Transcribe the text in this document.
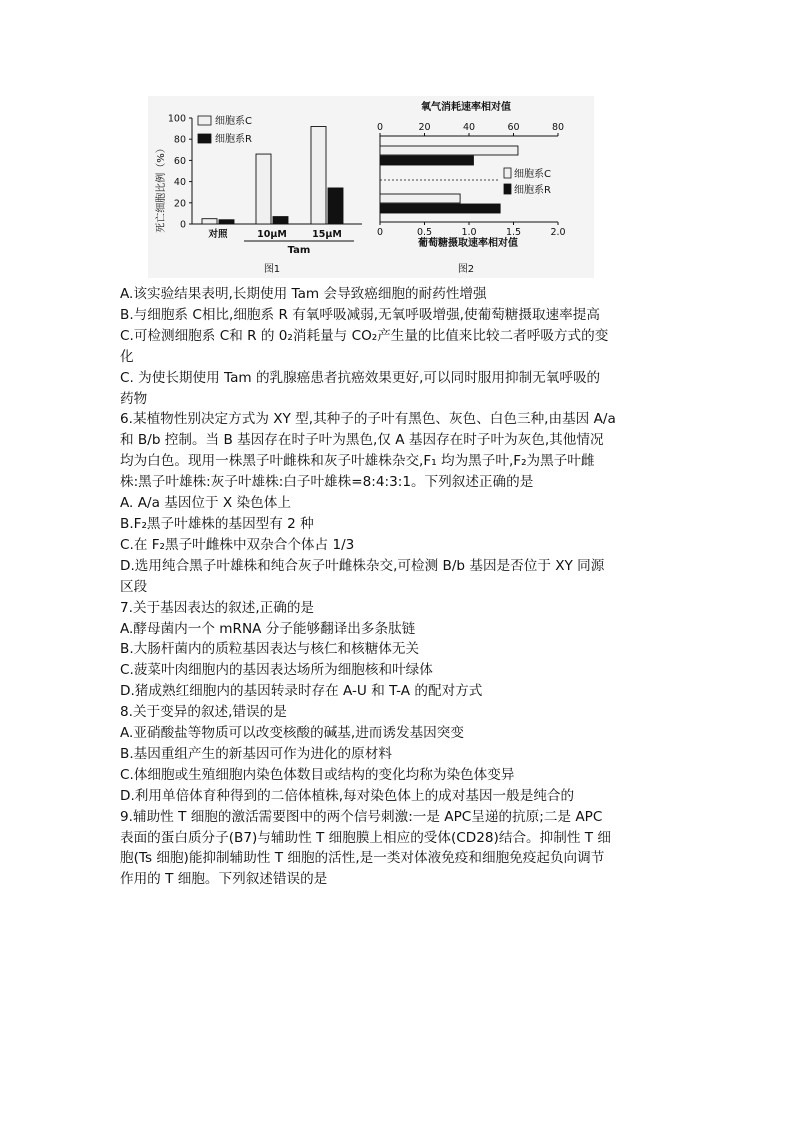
死亡细胞比例（%） 0
20
40
60
80
100
对照	10μM	15μM
Tam
细胞系C
细胞系R
图1
氧气消耗速率相对值
0	20	40	60	80
0	0.5	1.0	1.5	2.0
葡萄糖摄取速率相对值
细胞系C
细胞系R
图2

A.该实验结果表明,长期使用 Tam 会导致癌细胞的耐药性增强

B.与细胞系 C相比,细胞系 R 有氧呼吸减弱,无氧呼吸增强,使葡萄糖摄取速率提高

C.可检测细胞系 C和 R 的 0₂消耗量与 CO₂产生量的比值来比较二者呼吸方式的变

化

C. 为使长期使用 Tam 的乳腺癌患者抗癌效果更好,可以同时服用抑制无氧呼吸的

药物

6.某植物性别决定方式为 XY 型,其种子的子叶有黑色、灰色、白色三种,由基因 A/a

和 B/b 控制。当 B 基因存在时子叶为黑色,仅 A 基因存在时子叶为灰色,其他情况

均为白色。现用一株黑子叶雌株和灰子叶雄株杂交,F₁ 均为黑子叶,F₂为黑子叶雌

株:黑子叶雄株:灰子叶雄株:白子叶雄株=8:4:3:1。下列叙述正确的是

A. A/a 基因位于 X 染色体上

B.F₂黑子叶雄株的基因型有 2 种

C.在 F₂黑子叶雌株中双杂合个体占 1/3

D.选用纯合黑子叶雄株和纯合灰子叶雌株杂交,可检测 B/b 基因是否位于 XY 同源

区段

7.关于基因表达的叙述,正确的是

A.酵母菌内一个 mRNA 分子能够翻译出多条肽链

B.大肠杆菌内的质粒基因表达与核仁和核糖体无关

C.菠菜叶肉细胞内的基因表达场所为细胞核和叶绿体

D.猪成熟红细胞内的基因转录时存在 A-U 和 T-A 的配对方式

8.关于变异的叙述,错误的是

A.亚硝酸盐等物质可以改变核酸的碱基,进而诱发基因突变

B.基因重组产生的新基因可作为进化的原材料

C.体细胞或生殖细胞内染色体数目或结构的变化均称为染色体变异

D.利用单倍体育种得到的二倍体植株,每对染色体上的成对基因一般是纯合的

9.辅助性 T 细胞的激活需要图中的两个信号刺激:一是 APC呈递的抗原;二是 APC

表面的蛋白质分子(B7)与辅助性 T 细胞膜上相应的受体(CD28)结合。抑制性 T 细

胞(Ts 细胞)能抑制辅助性 T 细胞的活性,是一类对体液免疫和细胞免疫起负向调节

作用的 T 细胞。下列叙述错误的是
